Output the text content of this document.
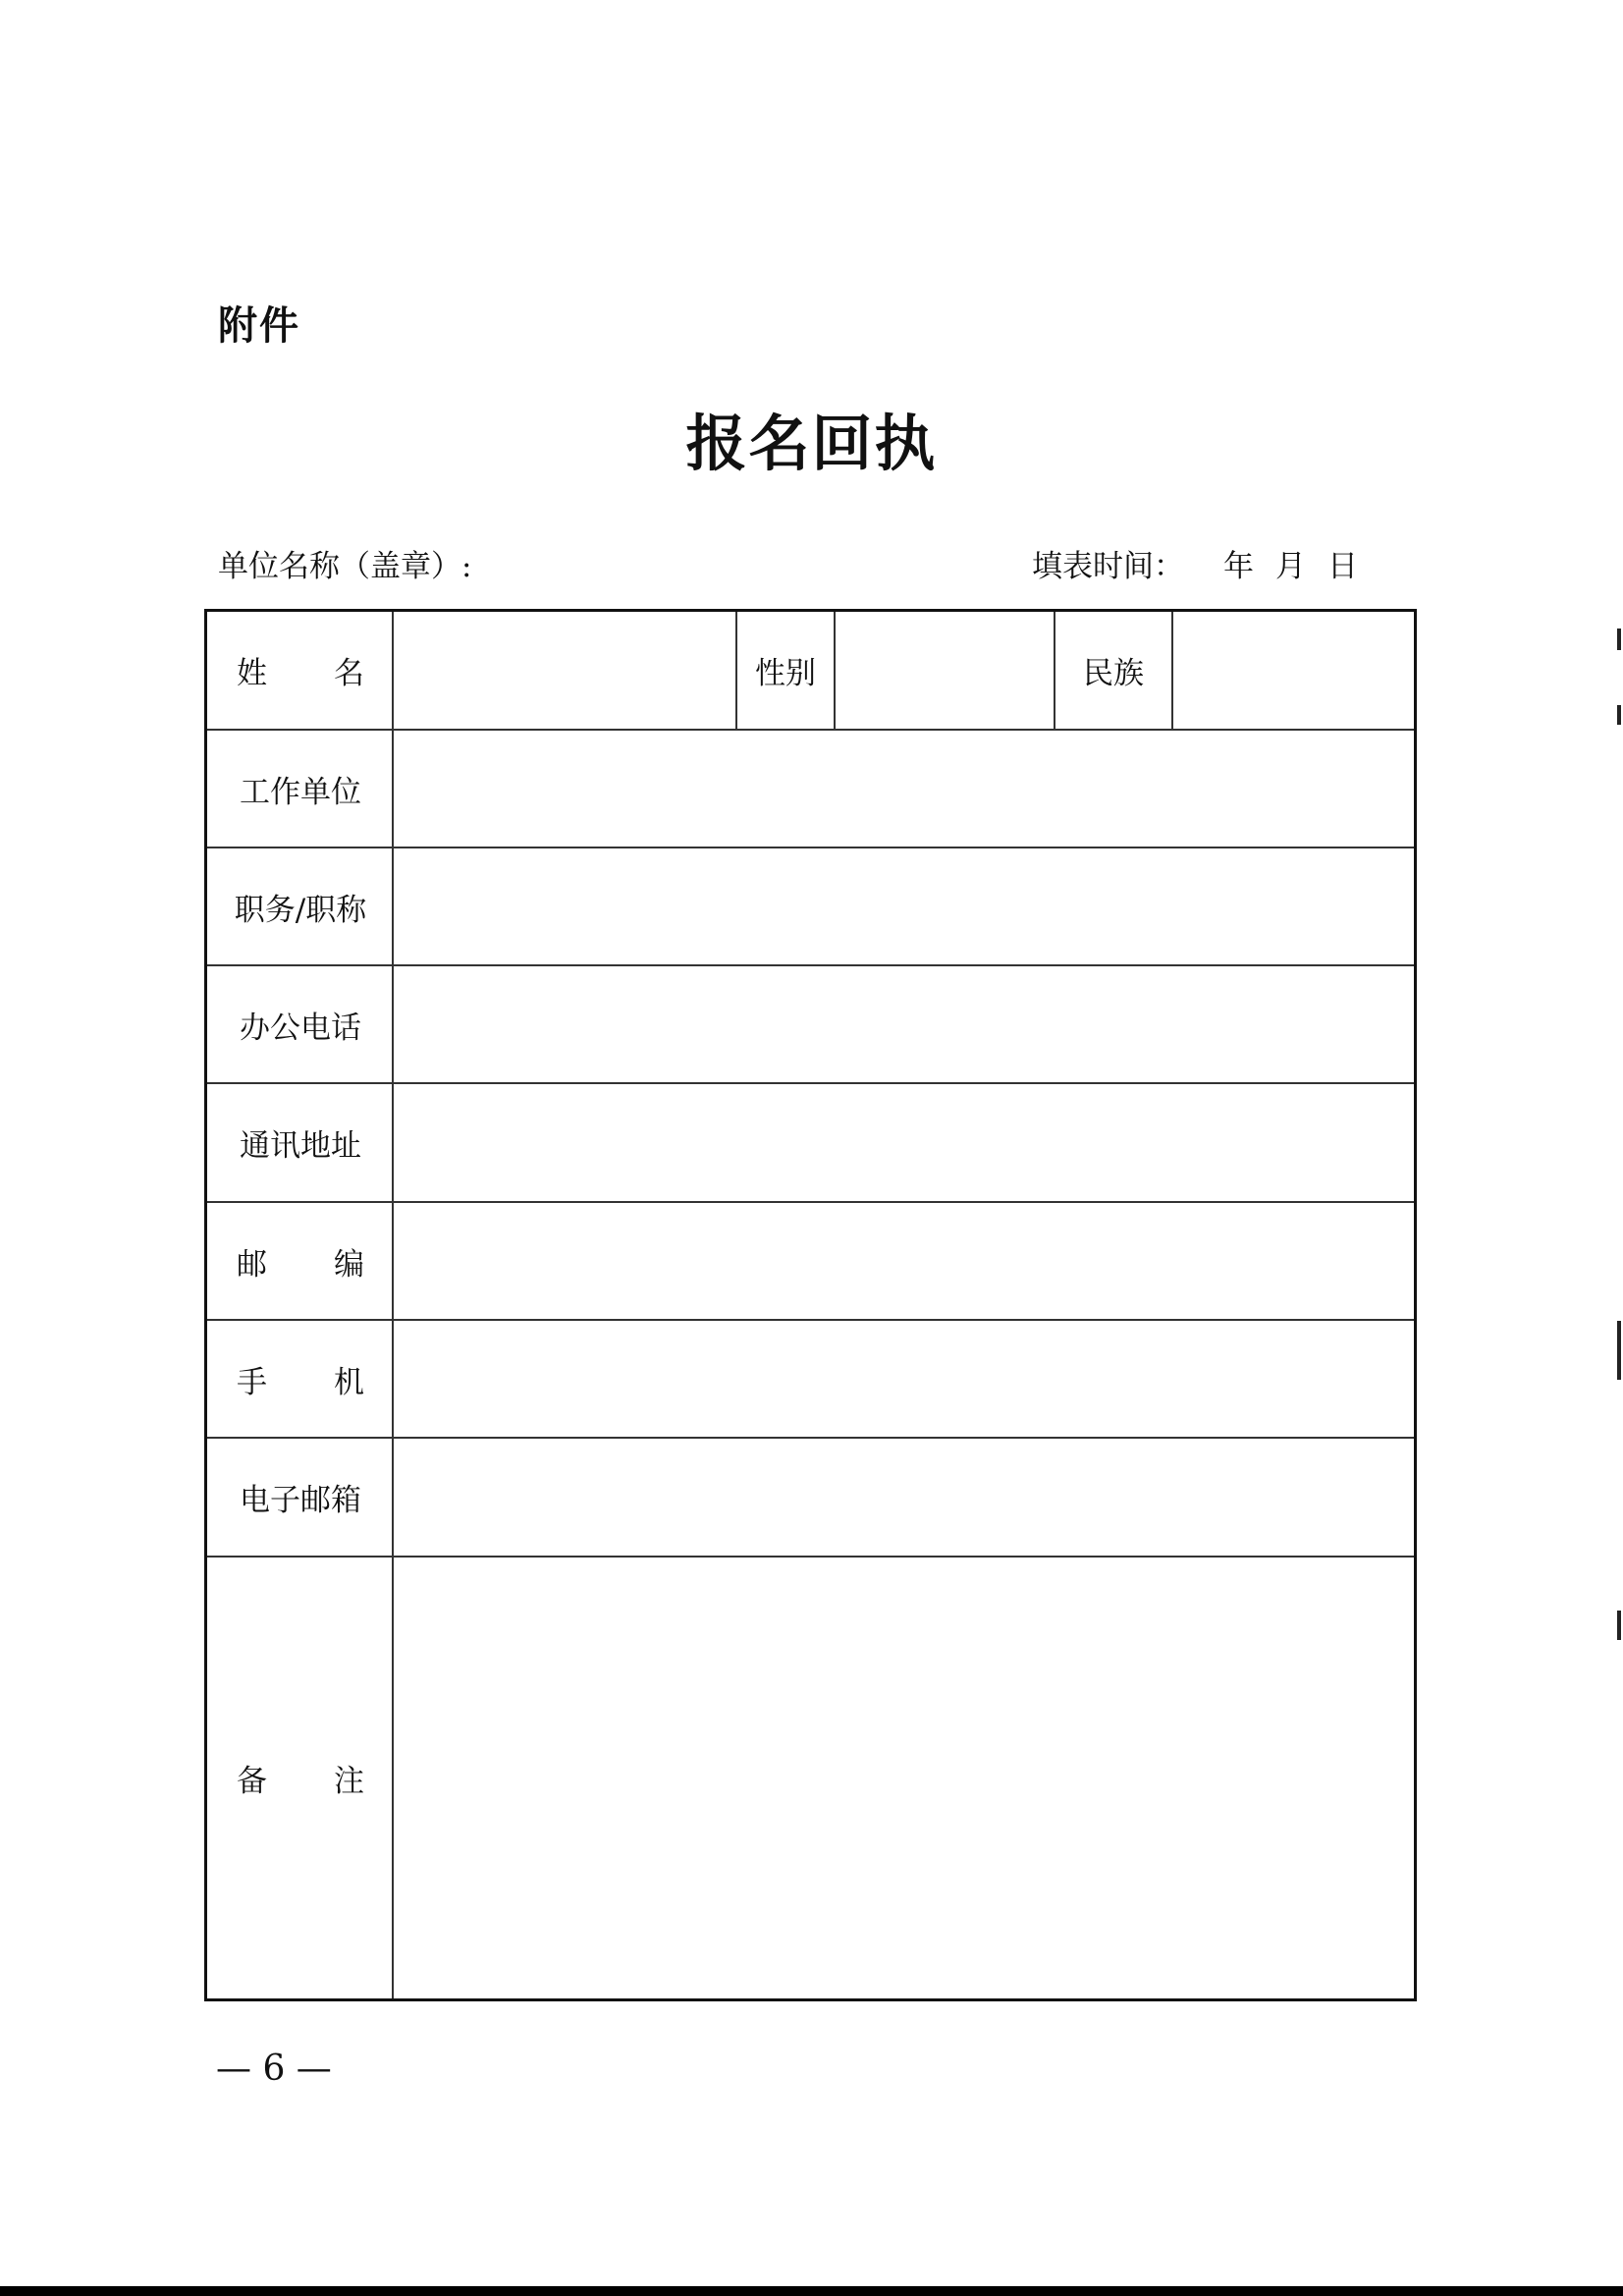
附件
报名回执
单位名称（盖章）:	填表时间： 年 月 日
姓 名	性别	民族
工作单位
职务/职称
办公电话
通讯地址
邮 编
手 机
电子邮箱
备 注
— 6 —
